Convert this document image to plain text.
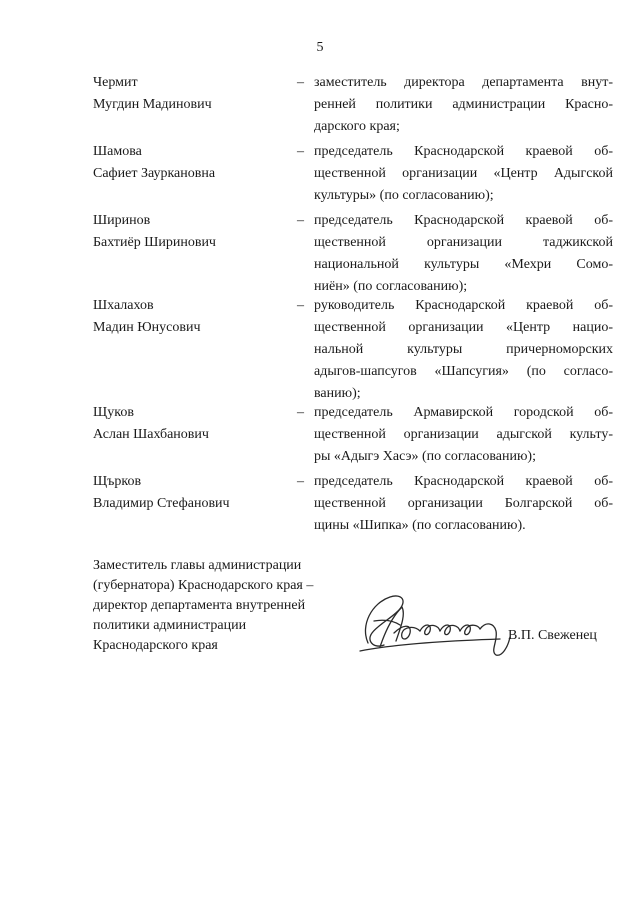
5
Чермит
Мугдин Мадинович
– заместитель директора департамента внут-
ренней политики администрации Красно-
дарского края;
Шамова
Сафиет Заурканoвна
– председатель Краснодарской краевой об-
щественной организации «Центр Адыгской
культуры» (по согласованию);
Ширинов
Бахтиёр Ширинович
– председатель Краснодарской краевой об-
щественной организации таджикской
национальной культуры «Мехри Сомо-
ниён» (по согласованию);
Шхалахов
Мадин Юнусович
– руководитель Краснодарской краевой об-
щественной организации «Центр нацио-
нальной культуры причерноморских
адыгов-шапсугов «Шапсугия» (по согласо-
ванию);
Щуков
Аслан Шахбанович
– председатель Армавирской городской об-
щественной организации адыгской культу-
ры «Адыгэ Хасэ» (по согласованию);
Щърков
Владимир Стефанович
– председатель Краснодарской краевой об-
щественной организации Болгарской об-
щины «Шипка» (по согласованию).
Заместитель главы администрации
(губернатора) Краснодарского края –
директор департамента внутренней
политики администрации
Краснодарского края
В.П. Свеженец
